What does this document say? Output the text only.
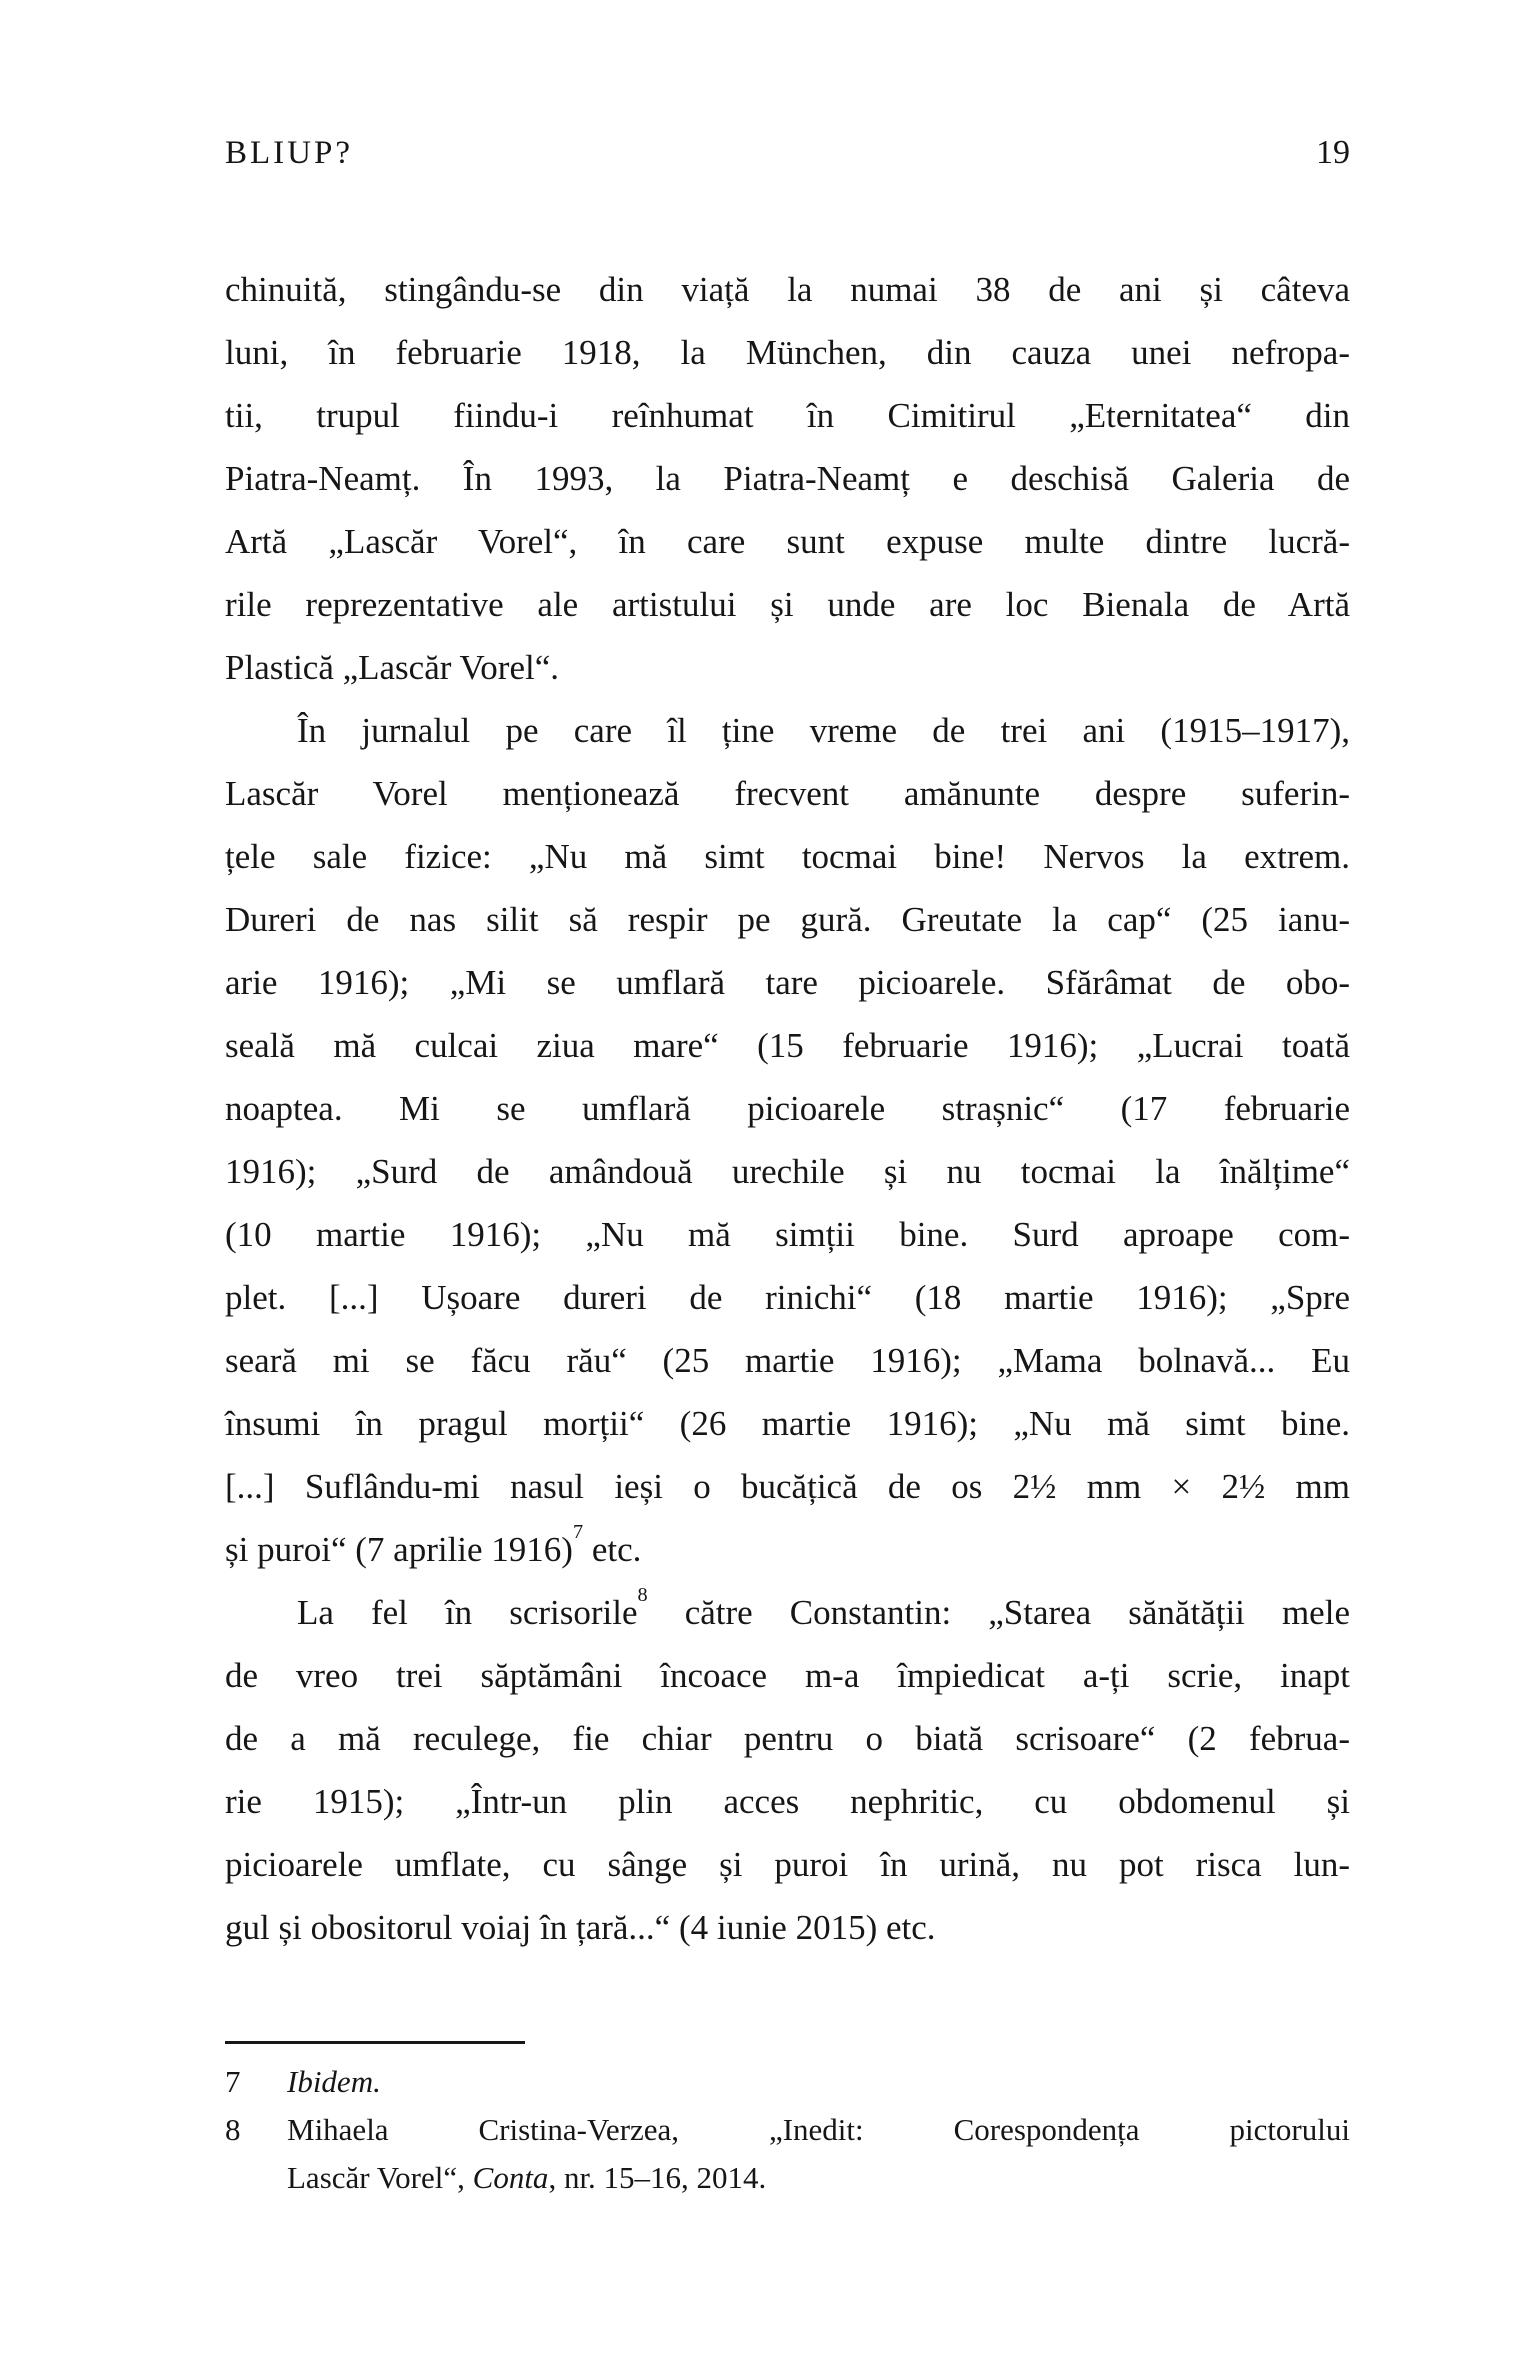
BLIUP?	19
chinuită, stingându-se din viață la numai 38 de ani și câteva
luni, în februarie 1918, la München, din cauza unei nefropa-
tii, trupul fiindu-i reînhumat în Cimitirul „Eternitatea“ din
Piatra-Neamț. În 1993, la Piatra-Neamț e deschisă Galeria de
Artă „Lascăr Vorel“, în care sunt expuse multe dintre lucră-
rile reprezentative ale artistului și unde are loc Bienala de Artă
Plastică „Lascăr Vorel“.
În jurnalul pe care îl ține vreme de trei ani (1915–1917),
Lascăr Vorel menționează frecvent amănunte despre suferin-
țele sale fizice: „Nu mă simt tocmai bine! Nervos la extrem.
Dureri de nas silit să respir pe gură. Greutate la cap“ (25 ianu-
arie 1916); „Mi se umflară tare picioarele. Sfărâmat de obo-
seală mă culcai ziua mare“ (15 februarie 1916); „Lucrai toată
noaptea. Mi se umflară picioarele strașnic“ (17 februarie
1916); „Surd de amândouă urechile și nu tocmai la înălțime“
(10 martie 1916); „Nu mă simții bine. Surd aproape com-
plet. [...] Ușoare dureri de rinichi“ (18 martie 1916); „Spre
seară mi se făcu rău“ (25 martie 1916); „Mama bolnavă... Eu
însumi în pragul morții“ (26 martie 1916); „Nu mă simt bine.
[...] Suflându-mi nasul ieși o bucățică de os 2½ mm × 2½ mm
și puroi“ (7 aprilie 1916)$^7$ etc.
La fel în scrisorile$^8$ către Constantin: „Starea sănătății mele
de vreo trei săptămâni încoace m-a împiedicat a-ți scrie, inapt
de a mă reculege, fie chiar pentru o biată scrisoare“ (2 februa-
rie 1915); „Într-un plin acces nephritic, cu obdomenul și
picioarele umflate, cu sânge și puroi în urină, nu pot risca lun-
gul și obositorul voiaj în țară...“ (4 iunie 2015) etc.
7 Ibidem.
8 Mihaela Cristina-Verzea, „Inedit: Corespondența pictorului
Lascăr Vorel“, Conta, nr. 15–16, 2014.
